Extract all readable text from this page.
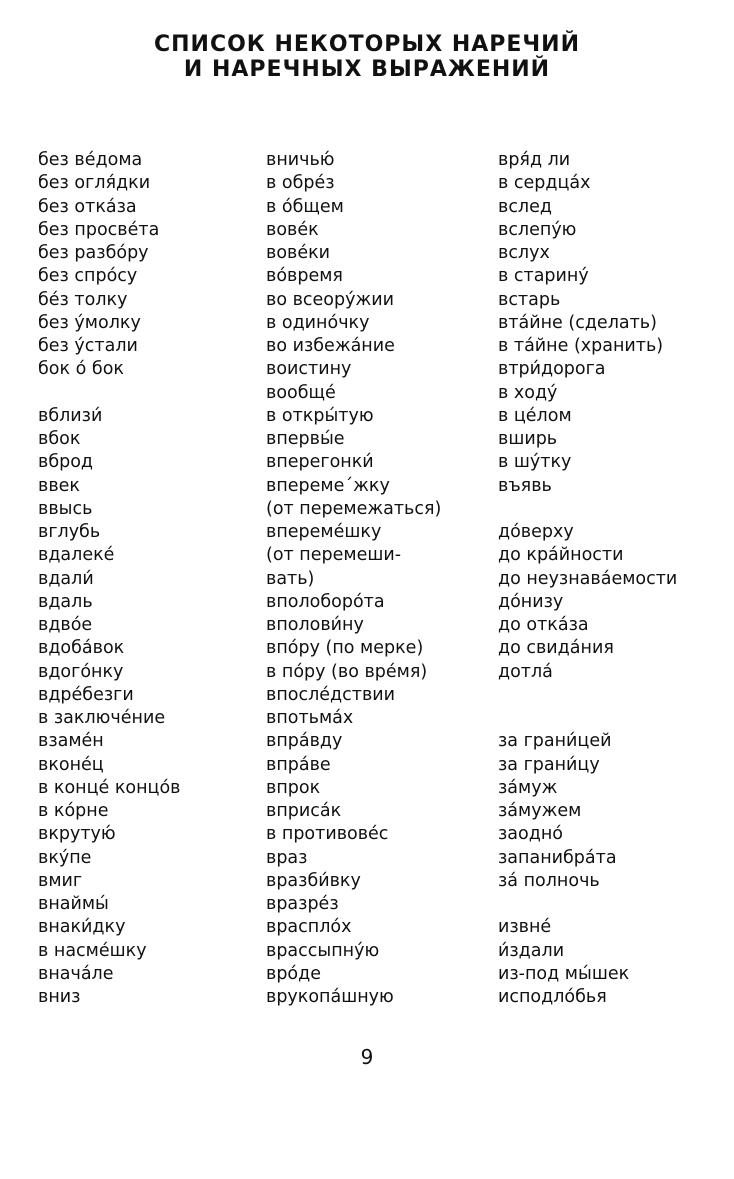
СПИСОК НЕКОТОРЫХ НАРЕЧИЙ
И НАРЕЧНЫХ ВЫРАЖЕНИЙ
без ве́дома
без огля́дки
без отка́за
без просве́та
без разбо́ру
без спро́су
бе́з толку
без у́молку
без у́стали
бок о́ бок
вблизи́
вбок
вброд
ввек
ввысь
вглубь
вдалеке́
вдали́
вдаль
вдво́е
вдоба́вок
вдого́нку
вдре́безги
в заключе́ние
взаме́н
вконе́ц
в конце́ концо́в
в ко́рне
вкрутую́
вку́пе
вмиг
внаймы́
внаки́дку
в насме́шку
внача́ле
вниз
вничью́
в обре́з
в о́бщем
вове́к
вове́ки
во́время
во всеору́жии
в одино́чку
во избежа́ние
воистину
вообще́
в откры́тую
впервы́е
вперегонки́
вперемe´жку
(от перемежаться)
впереме́шку
(от перемеши-
вать)
вполоборо́та
вполови́ну
впо́ру (по мерке)
в по́ру (во вре́мя)
впосле́дствии
впотьма́х
впра́вду
впра́ве
впрок
вприса́к
в противове́с
враз
вразби́вку
вразре́з
врасплóх
врассыпну́ю
вро́де
врукопа́шную
вря́д ли
в сердца́х
вслед
вслепу́ю
вслух
в старину́
встарь
вта́йне (сделать)
в та́йне (хранить)
втри́дорога
в ходу́
в це́лом
вширь
в шу́тку
въявь
до́верху
до кра́йности
до неузнава́емости
до́низу
до отка́за
до свида́ния
дотла́
за грани́цей
за грани́цу
за́муж
за́мужем
заодно́
запанибра́та
за́ полночь
извне́
и́здали
из-под мы́шек
исподло́бья
9
